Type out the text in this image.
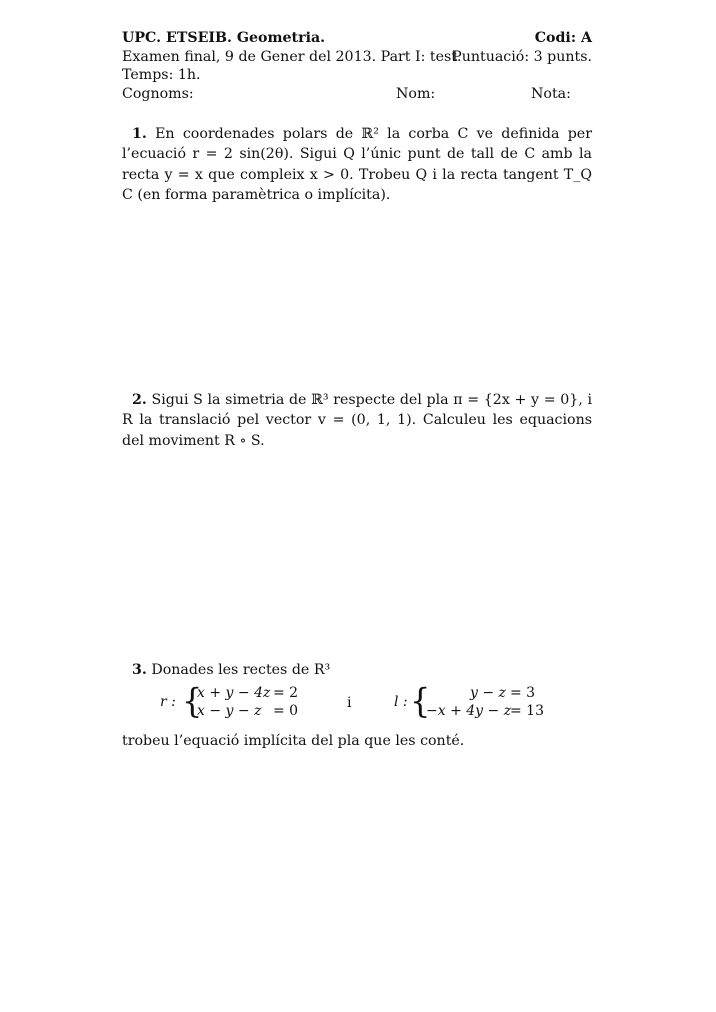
UPC. ETSEIB. Geometria.	Codi: A
Examen final, 9 de Gener del 2013. Part I: test.
Puntuació: 3 punts.
Temps: 1h.
Cognoms:	Nom:	Nota:
1. En coordenades polars de ℝ² la corba C ve definida per l’ecuació r = 2 sin(2θ). Sigui Q l’únic punt de tall de C amb la recta y = x que compleix x > 0. Trobeu Q i la recta tangent T_Q C (en forma paramètrica o implícita).
2. Sigui S la simetria de ℝ³ respecte del pla π = {2x + y = 0}, i R la translació pel vector v = (0, 1, 1). Calculeu les equacions del moviment R ∘ S.
3. Donades les rectes de R³
r : {
x + y − 4z = 2
x − y − z = 0	i	l : {	y − z = 3
−x + 4y − z
= 13
trobeu l’equació implícita del pla que les conté.
